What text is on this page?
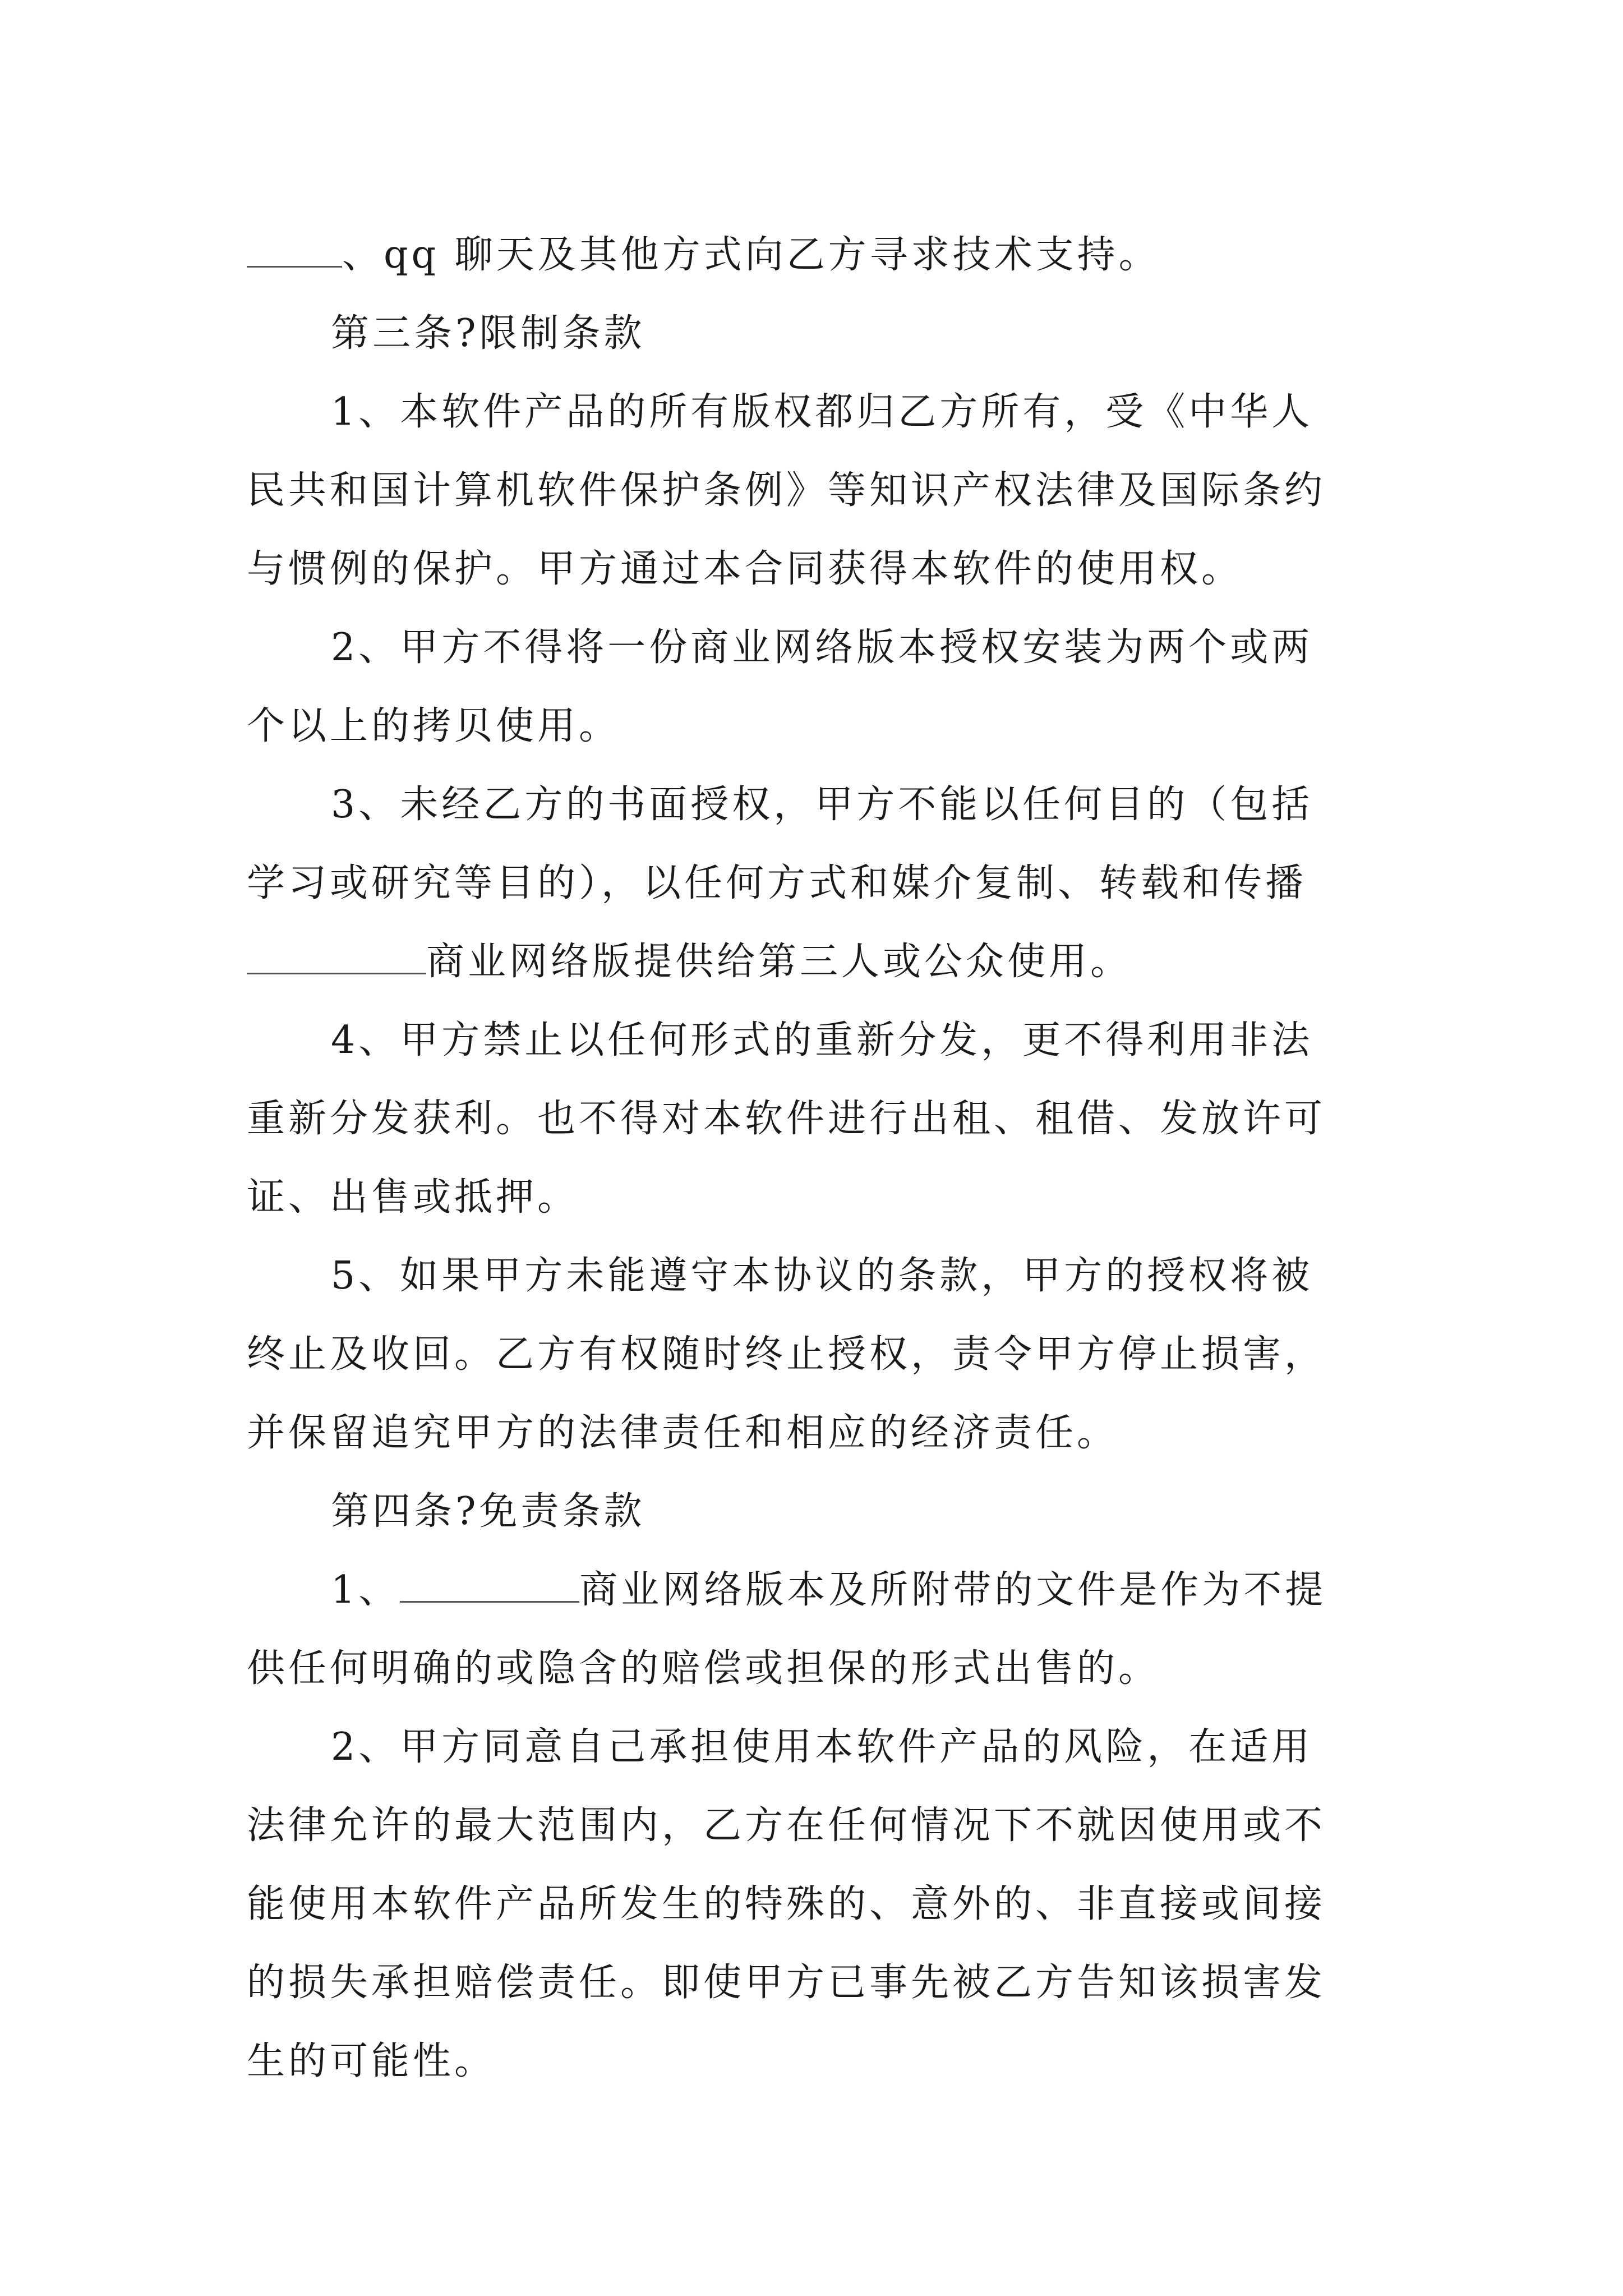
、qq 聊天及其他方式向乙方寻求技术支持。
第三条?限制条款
1、本软件产品的所有版权都归乙方所有，受《中华人
民共和国计算机软件保护条例》等知识产权法律及国际条约
与惯例的保护。甲方通过本合同获得本软件的使用权。
2、甲方不得将一份商业网络版本授权安装为两个或两
个以上的拷贝使用。
3、未经乙方的书面授权，甲方不能以任何目的（包括
学习或研究等目的），以任何方式和媒介复制、转载和传播
商业网络版提供给第三人或公众使用。
4、甲方禁止以任何形式的重新分发，更不得利用非法
重新分发获利。也不得对本软件进行出租、租借、发放许可
证、出售或抵押。
5、如果甲方未能遵守本协议的条款，甲方的授权将被
终止及收回。乙方有权随时终止授权，责令甲方停止损害，
并保留追究甲方的法律责任和相应的经济责任。
第四条?免责条款
1、	商业网络版本及所附带的文件是作为不提
供任何明确的或隐含的赔偿或担保的形式出售的。
2、甲方同意自己承担使用本软件产品的风险，在适用
法律允许的最大范围内，乙方在任何情况下不就因使用或不
能使用本软件产品所发生的特殊的、意外的、非直接或间接
的损失承担赔偿责任。即使甲方已事先被乙方告知该损害发
生的可能性。
